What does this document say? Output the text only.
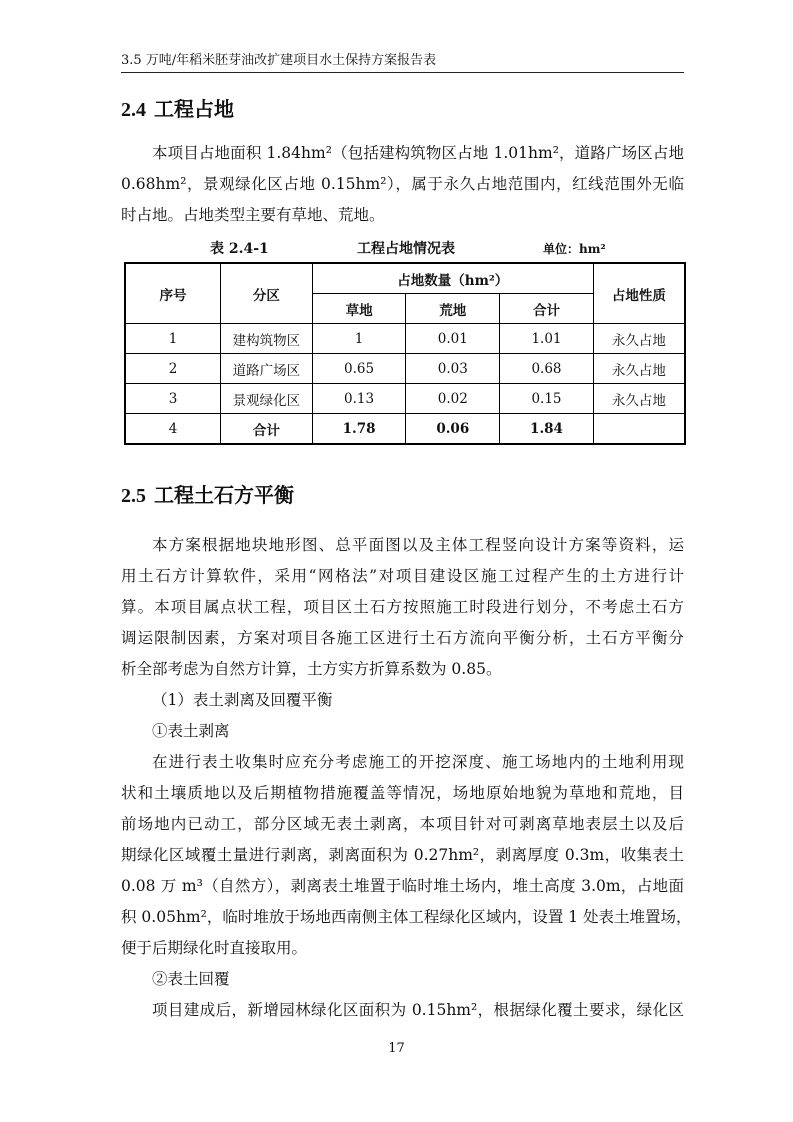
3.5 万吨/年稻米胚芽油改扩建项目水土保持方案报告表
2.4 工程占地
本项目占地面积 1.84hm²（包括建构筑物区占地 1.01hm²，道路广场区占地
0.68hm²，景观绿化区占地 0.15hm²），属于永久占地范围内，红线范围外无临
时占地。占地类型主要有草地、荒地。
表 2.4-1	工程占地情况表	单位：hm²
序号	分区	占地数量（hm²）			占地性质
		草地	荒地	合计	
1	建构筑物区	1	0.01	1.01	永久占地
2	道路广场区	0.65	0.03	0.68	永久占地
3	景观绿化区	0.13	0.02	0.15	永久占地
4	合计	1.78	0.06	1.84	
2.5 工程土石方平衡
本方案根据地块地形图、总平面图以及主体工程竖向设计方案等资料，运
用土石方计算软件，采用“网格法”对项目建设区施工过程产生的土方进行计
算。本项目属点状工程，项目区土石方按照施工时段进行划分，不考虑土石方
调运限制因素，方案对项目各施工区进行土石方流向平衡分析，土石方平衡分
析全部考虑为自然方计算，土方实方折算系数为 0.85。
（1）表土剥离及回覆平衡
①表土剥离
在进行表土收集时应充分考虑施工的开挖深度、施工场地内的土地利用现
状和土壤质地以及后期植物措施覆盖等情况，场地原始地貌为草地和荒地，目
前场地内已动工，部分区域无表土剥离，本项目针对可剥离草地表层土以及后
期绿化区域覆土量进行剥离，剥离面积为 0.27hm²，剥离厚度 0.3m，收集表土
0.08 万 m³（自然方），剥离表土堆置于临时堆土场内，堆土高度 3.0m，占地面
积 0.05hm²，临时堆放于场地西南侧主体工程绿化区域内，设置 1 处表土堆置场，
便于后期绿化时直接取用。
②表土回覆
项目建成后，新增园林绿化区面积为 0.15hm²，根据绿化覆土要求，绿化区
17
